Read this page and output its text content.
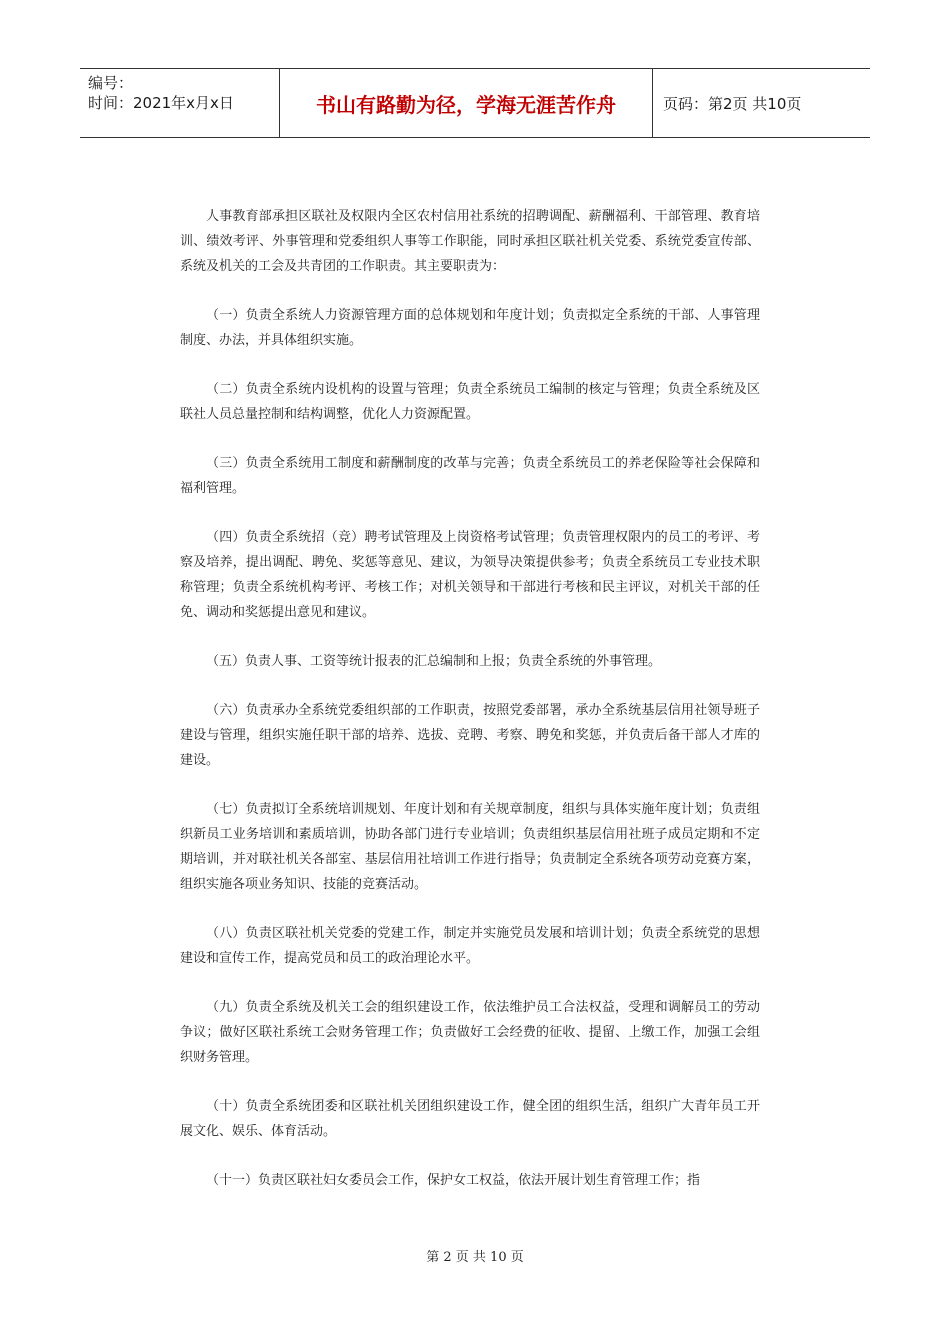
编号：
时间：2021年x月x日	书山有路勤为径，学海无涯苦作舟	页码：第2页 共10页

人事教育部承担区联社及权限内全区农村信用社系统的招聘调配、薪酬福利、干部管理、教育培训、绩效考评、外事管理和党委组织人事等工作职能，同时承担区联社机关党委、系统党委宣传部、系统及机关的工会及共青团的工作职责。其主要职责为：

（一）负责全系统人力资源管理方面的总体规划和年度计划；负责拟定全系统的干部、人事管理制度、办法，并具体组织实施。

（二）负责全系统内设机构的设置与管理；负责全系统员工编制的核定与管理；负责全系统及区联社人员总量控制和结构调整，优化人力资源配置。

（三）负责全系统用工制度和薪酬制度的改革与完善；负责全系统员工的养老保险等社会保障和福利管理。

（四）负责全系统招（竞）聘考试管理及上岗资格考试管理；负责管理权限内的员工的考评、考察及培养，提出调配、聘免、奖惩等意见、建议，为领导决策提供参考；负责全系统员工专业技术职称管理；负责全系统机构考评、考核工作；对机关领导和干部进行考核和民主评议，对机关干部的任免、调动和奖惩提出意见和建议。

（五）负责人事、工资等统计报表的汇总编制和上报；负责全系统的外事管理。

（六）负责承办全系统党委组织部的工作职责，按照党委部署，承办全系统基层信用社领导班子建设与管理，组织实施任职干部的培养、选拔、竞聘、考察、聘免和奖惩，并负责后备干部人才库的建设。

（七）负责拟订全系统培训规划、年度计划和有关规章制度，组织与具体实施年度计划；负责组织新员工业务培训和素质培训，协助各部门进行专业培训；负责组织基层信用社班子成员定期和不定期培训，并对联社机关各部室、基层信用社培训工作进行指导；负责制定全系统各项劳动竞赛方案，组织实施各项业务知识、技能的竞赛活动。

（八）负责区联社机关党委的党建工作，制定并实施党员发展和培训计划；负责全系统党的思想建设和宣传工作，提高党员和员工的政治理论水平。

（九）负责全系统及机关工会的组织建设工作，依法维护员工合法权益，受理和调解员工的劳动争议；做好区联社系统工会财务管理工作；负责做好工会经费的征收、提留、上缴工作，加强工会组织财务管理。

（十）负责全系统团委和区联社机关团组织建设工作，健全团的组织生活，组织广大青年员工开展文化、娱乐、体育活动。

（十一）负责区联社妇女委员会工作，保护女工权益，依法开展计划生育管理工作；指

第 2 页 共 10 页
